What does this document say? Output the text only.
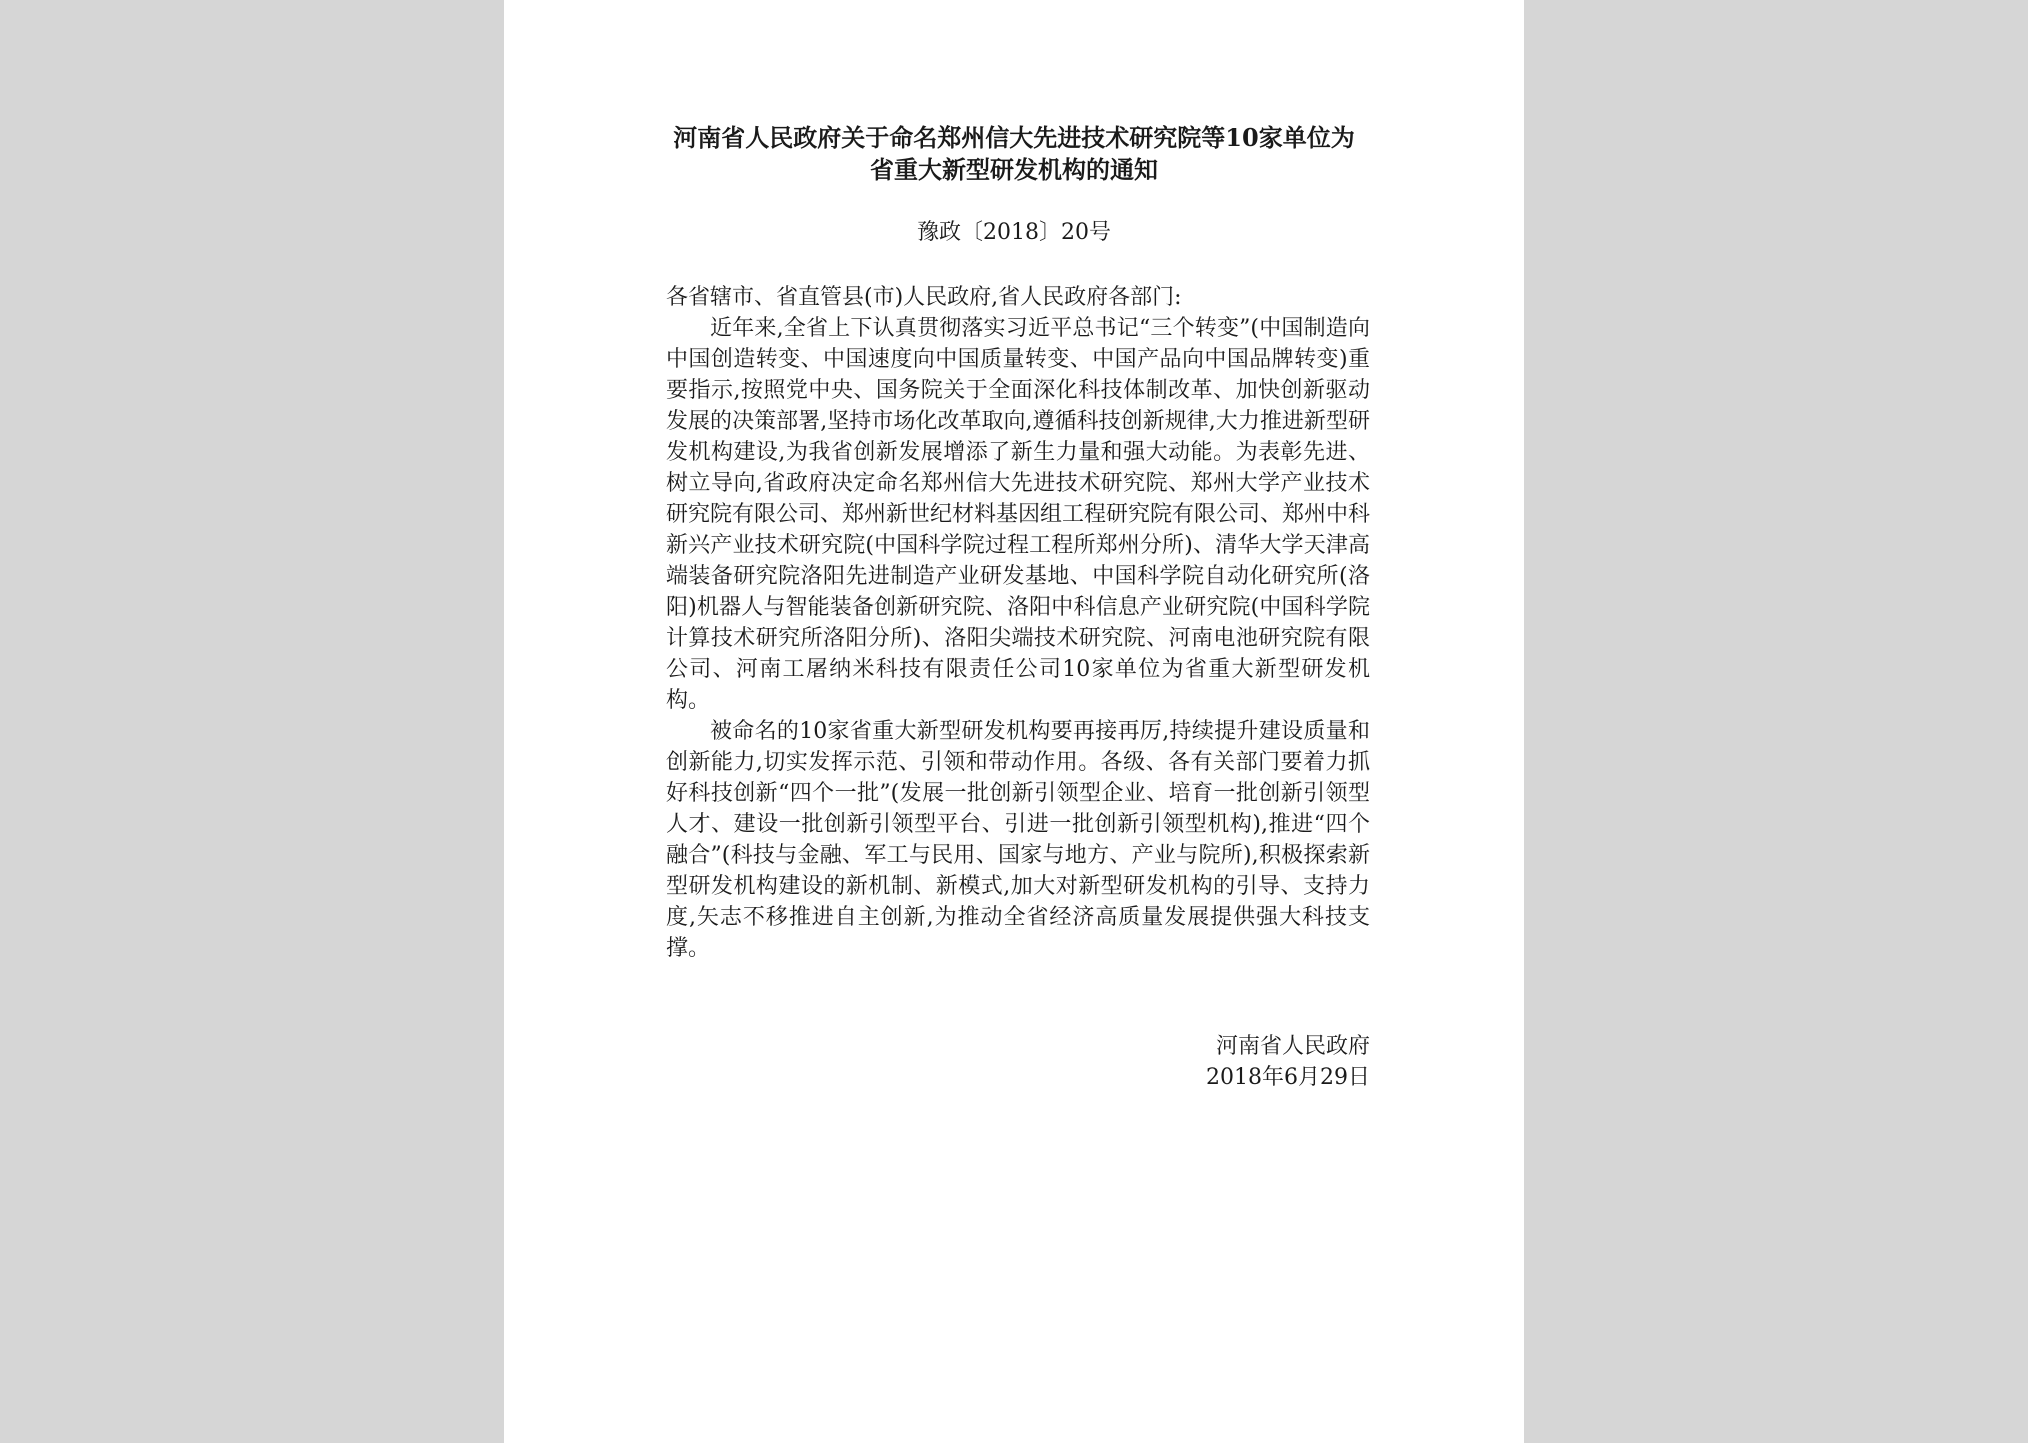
河南省人民政府关于命名郑州信大先进技术研究院等10家单位为
省重大新型研发机构的通知
豫政〔2018〕20号

各省辖市、省直管县(市)人民政府,省人民政府各部门:

近年来,全省上下认真贯彻落实习近平总书记“三个转变”(中国制造向中国创造转变、中国速度向中国质量转变、中国产品向中国品牌转变)重要指示,按照党中央、国务院关于全面深化科技体制改革、加快创新驱动发展的决策部署,坚持市场化改革取向,遵循科技创新规律,大力推进新型研发机构建设,为我省创新发展增添了新生力量和强大动能。为表彰先进、树立导向,省政府决定命名郑州信大先进技术研究院、郑州大学产业技术研究院有限公司、郑州新世纪材料基因组工程研究院有限公司、郑州中科新兴产业技术研究院(中国科学院过程工程所郑州分所)、清华大学天津高端装备研究院洛阳先进制造产业研发基地、中国科学院自动化研究所(洛阳)机器人与智能装备创新研究院、洛阳中科信息产业研究院(中国科学院计算技术研究所洛阳分所)、洛阳尖端技术研究院、河南电池研究院有限公司、河南工屠纳米科技有限责任公司10家单位为省重大新型研发机构。

被命名的10家省重大新型研发机构要再接再厉,持续提升建设质量和创新能力,切实发挥示范、引领和带动作用。各级、各有关部门要着力抓好科技创新“四个一批”(发展一批创新引领型企业、培育一批创新引领型人才、建设一批创新引领型平台、引进一批创新引领型机构),推进“四个融合”(科技与金融、军工与民用、国家与地方、产业与院所),积极探索新型研发机构建设的新机制、新模式,加大对新型研发机构的引导、支持力度,矢志不移推进自主创新,为推动全省经济高质量发展提供强大科技支撑。

河南省人民政府
2018年6月29日
